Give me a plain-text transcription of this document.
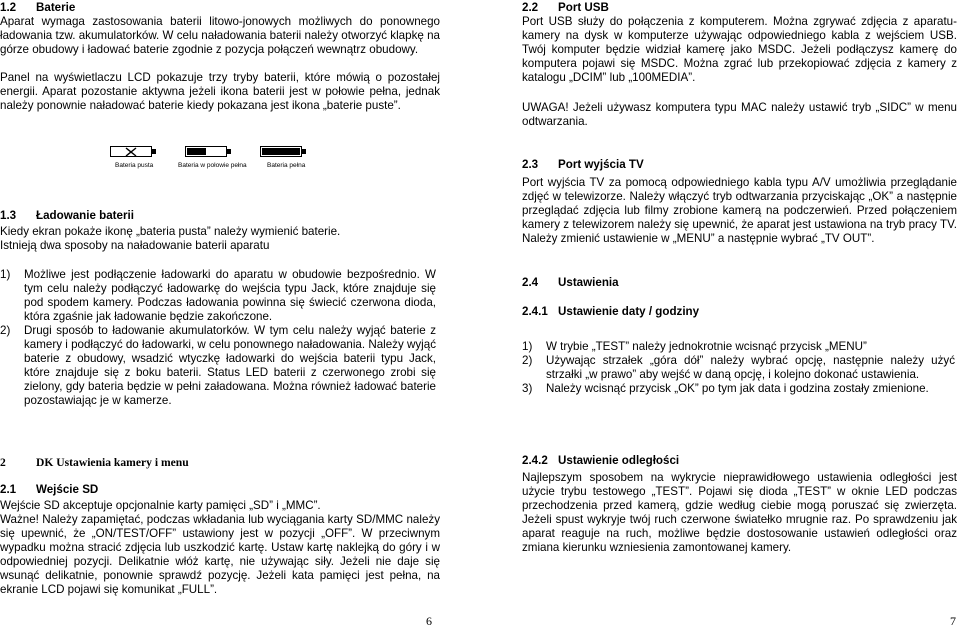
1.2 Baterie
Aparat wymaga zastosowania baterii litowo-jonowych możliwych do ponownego ładowania tzw. akumulatorków. W celu naładowania baterii należy otworzyć klapkę na górze obudowy i ładować baterie zgodnie z pozycja połączeń wewnątrz obudowy.
Panel na wyświetlaczu LCD pokazuje trzy tryby baterii, które mówią o pozostałej energii. Aparat pozostanie aktywna jeżeli ikona baterii jest w połowie pełna, jednak należy ponownie naładować baterie kiedy pokazana jest ikona „baterie puste”.
Bateria pusta	Bateria w połowie pełna	Bateria pełna
1.3 Ładowanie baterii
Kiedy ekran pokaże ikonę „bateria pusta” należy wymienić baterie.
Istnieją dwa sposoby na naładowanie baterii aparatu
1) Możliwe jest podłączenie ładowarki do aparatu w obudowie bezpośrednio. W tym celu należy podłączyć ładowarkę do wejścia typu Jack, które znajduje się pod spodem kamery. Podczas ładowania powinna się świecić czerwona dioda, która zgaśnie jak ładowanie będzie zakończone.
2) Drugi sposób to ładowanie akumulatorków. W tym celu należy wyjąć baterie z kamery i podłączyć do ładowarki, w celu ponownego naładowania. Należy wyjąć baterie z obudowy, wsadzić wtyczkę ładowarki do wejścia baterii typu Jack, które znajduje się z boku baterii. Status LED baterii z czerwonego zrobi się zielony, gdy bateria będzie w pełni załadowana. Można również ładować baterie pozostawiając je w kamerze.
2	DK Ustawienia kamery i menu
2.1 Wejście SD
Wejście SD akceptuje opcjonalnie karty pamięci „SD” i „MMC”.
Ważne! Należy zapamiętać, podczas wkładania lub wyciągania karty SD/MMC należy się upewnić, że „ON/TEST/OFF” ustawiony jest w pozycji „OFF”. W przeciwnym wypadku można stracić zdjęcia lub uszkodzić kartę. Ustaw kartę naklejką do góry i w odpowiedniej pozycji. Delikatnie włóż kartę, nie używając siły. Jeżeli nie daje się wsunąć delikatnie, ponownie sprawdź pozycję. Jeżeli kata pamięci jest pełna, na ekranie LCD pojawi się komunikat „FULL”.
6
2.2 Port USB
Port USB służy do połączenia z komputerem. Można zgrywać zdjęcia z aparatu-kamery na dysk w komputerze używając odpowiedniego kabla z wejściem USB. Twój komputer będzie widział kamerę jako MSDC. Jeżeli podłączysz kamerę do komputera pojawi się MSDC. Można zgrać lub przekopiować zdjęcia z kamery z katalogu „DCIM” lub „100MEDIA”.
UWAGA! Jeżeli używasz komputera typu MAC należy ustawić tryb „SIDC” w menu odtwarzania.
2.3 Port wyjścia TV
Port wyjścia TV za pomocą odpowiedniego kabla typu A/V umożliwia przeglądanie zdjęć w telewizorze. Należy włączyć tryb odtwarzania przyciskając „OK” a następnie przeglądać zdjęcia lub filmy zrobione kamerą na podczerwień. Przed połączeniem kamery z telewizorem należy się upewnić, że aparat jest ustawiona na tryb pracy TV. Należy zmienić ustawienie w „MENU” a następnie wybrać „TV OUT”.
2.4 Ustawienia
2.4.1 Ustawienie daty / godziny
1) W trybie „TEST” należy jednokrotnie wcisnąć przycisk „MENU”
2) Używając strzałek „góra dół” należy wybrać opcję, następnie należy użyć strzałki „w prawo” aby wejść w daną opcję, i kolejno dokonać ustawienia.
3) Należy wcisnąć przycisk „OK” po tym jak data i godzina zostały zmienione.
2.4.2 Ustawienie odległości
Najlepszym sposobem na wykrycie nieprawidłowego ustawienia odległości jest użycie trybu testowego „TEST”. Pojawi się dioda „TEST” w oknie LED podczas przechodzenia przed kamerą, gdzie według ciebie mogą poruszać się zwierzęta. Jeżeli spust wykryje twój ruch czerwone światełko mrugnie raz. Po sprawdzeniu jak aparat reaguje na ruch, możliwe będzie dostosowanie ustawień odległości oraz zmiana kierunku wzniesienia zamontowanej kamery.
7
